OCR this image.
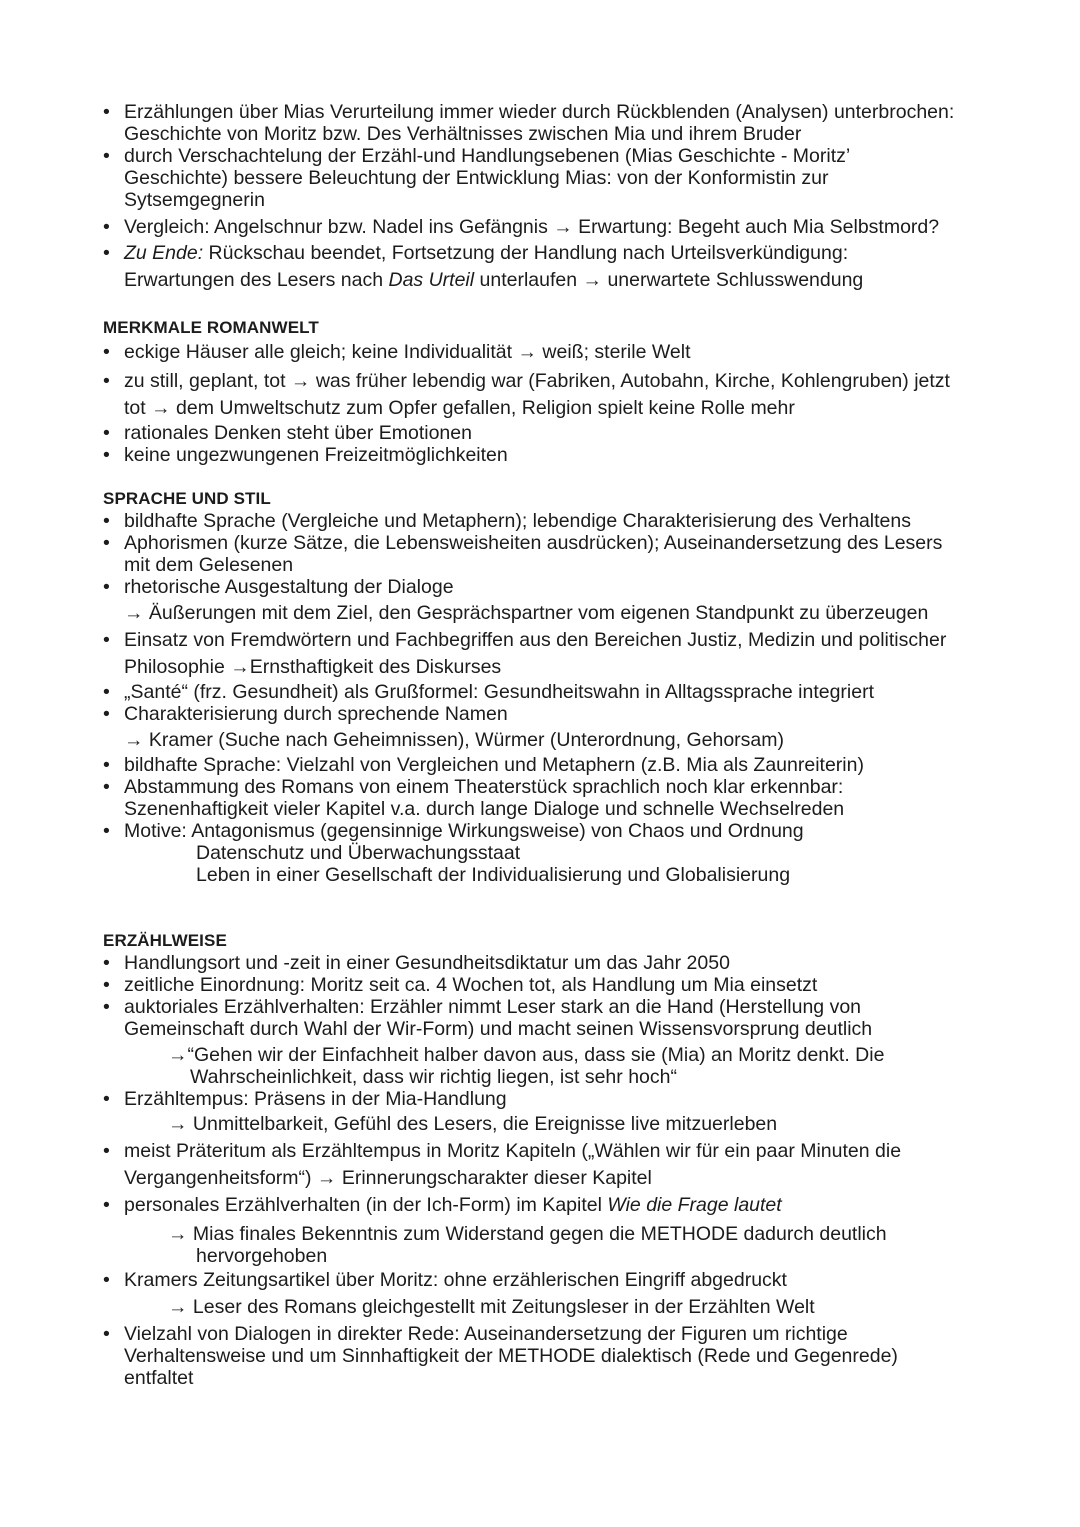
• Erzählungen über Mias Verurteilung immer wieder durch Rückblenden (Analysen) unterbrochen:
Geschichte von Moritz bzw. Des Verhältnisses zwischen Mia und ihrem Bruder
• durch Verschachtelung der Erzähl-und Handlungsebenen (Mias Geschichte - Moritz’
Geschichte) bessere Beleuchtung der Entwicklung Mias: von der Konformistin zur
Sytsemgegnerin
• Vergleich: Angelschnur bzw. Nadel ins Gefängnis → Erwartung: Begeht auch Mia Selbstmord?
• Zu Ende: Rückschau beendet, Fortsetzung der Handlung nach Urteilsverkündigung:
Erwartungen des Lesers nach Das Urteil unterlaufen → unerwartete Schlusswendung
MERKMALE ROMANWELT
• eckige Häuser alle gleich; keine Individualität → weiß; sterile Welt
• zu still, geplant, tot → was früher lebendig war (Fabriken, Autobahn, Kirche, Kohlengruben) jetzt
tot → dem Umweltschutz zum Opfer gefallen, Religion spielt keine Rolle mehr
• rationales Denken steht über Emotionen
• keine ungezwungenen Freizeitmöglichkeiten
SPRACHE UND STIL
• bildhafte Sprache (Vergleiche und Metaphern); lebendige Charakterisierung des Verhaltens
• Aphorismen (kurze Sätze, die Lebensweisheiten ausdrücken); Auseinandersetzung des Lesers
mit dem Gelesenen
• rhetorische Ausgestaltung der Dialoge
→ Äußerungen mit dem Ziel, den Gesprächspartner vom eigenen Standpunkt zu überzeugen
• Einsatz von Fremdwörtern und Fachbegriffen aus den Bereichen Justiz, Medizin und politischer
Philosophie →Ernsthaftigkeit des Diskurses
• „Santé“ (frz. Gesundheit) als Grußformel: Gesundheitswahn in Alltagssprache integriert
• Charakterisierung durch sprechende Namen
→ Kramer (Suche nach Geheimnissen), Würmer (Unterordnung, Gehorsam)
• bildhafte Sprache: Vielzahl von Vergleichen und Metaphern (z.B. Mia als Zaunreiterin)
• Abstammung des Romans von einem Theaterstück sprachlich noch klar erkennbar:
Szenenhaftigkeit vieler Kapitel v.a. durch lange Dialoge und schnelle Wechselreden
• Motive: Antagonismus (gegensinnige Wirkungsweise) von Chaos und Ordnung
Datenschutz und Überwachungsstaat
Leben in einer Gesellschaft der Individualisierung und Globalisierung
ERZÄHLWEISE
• Handlungsort und -zeit in einer Gesundheitsdiktatur um das Jahr 2050
• zeitliche Einordnung: Moritz seit ca. 4 Wochen tot, als Handlung um Mia einsetzt
• auktoriales Erzählverhalten: Erzähler nimmt Leser stark an die Hand (Herstellung von
Gemeinschaft durch Wahl der Wir-Form) und macht seinen Wissensvorsprung deutlich
→“Gehen wir der Einfachheit halber davon aus, dass sie (Mia) an Moritz denkt. Die
Wahrscheinlichkeit, dass wir richtig liegen, ist sehr hoch“
• Erzähltempus: Präsens in der Mia-Handlung
→ Unmittelbarkeit, Gefühl des Lesers, die Ereignisse live mitzuerleben
• meist Präteritum als Erzähltempus in Moritz Kapiteln („Wählen wir für ein paar Minuten die
Vergangenheitsform“) → Erinnerungscharakter dieser Kapitel
• personales Erzählverhalten (in der Ich-Form) im Kapitel Wie die Frage lautet
→ Mias finales Bekenntnis zum Widerstand gegen die METHODE dadurch deutlich
hervorgehoben
• Kramers Zeitungsartikel über Moritz: ohne erzählerischen Eingriff abgedruckt
→ Leser des Romans gleichgestellt mit Zeitungsleser in der Erzählten Welt
• Vielzahl von Dialogen in direkter Rede: Auseinandersetzung der Figuren um richtige
Verhaltensweise und um Sinnhaftigkeit der METHODE dialektisch (Rede und Gegenrede)
entfaltet
